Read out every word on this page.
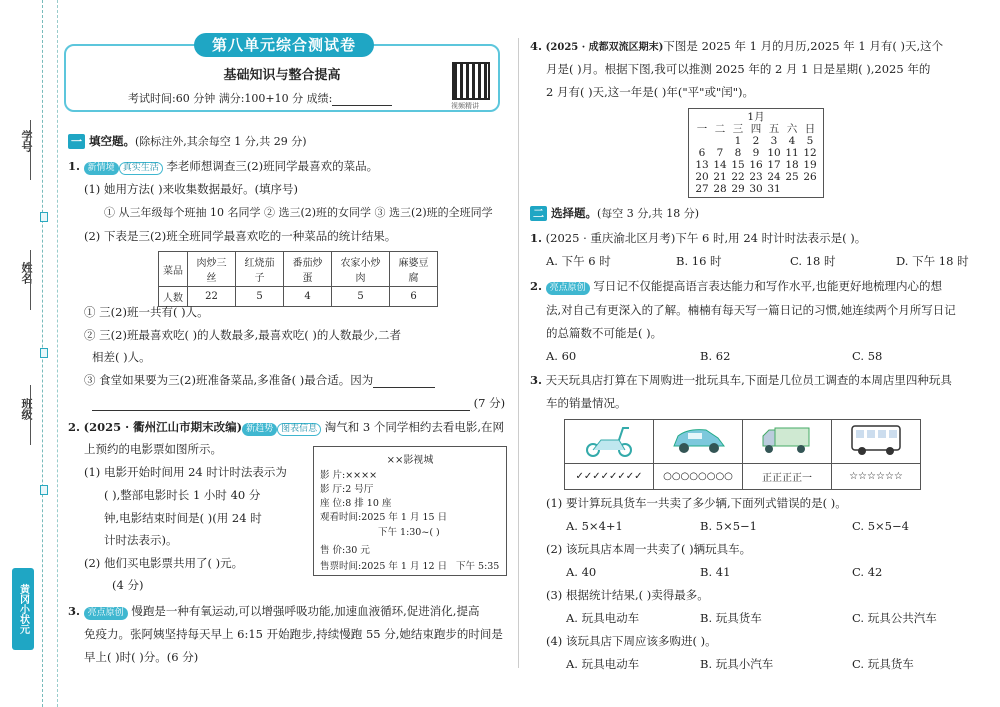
学号
姓名
班级
黄冈小状元
第八单元综合测试卷
基础知识与整合提高
考试时间:60 分钟 满分:100+10 分 成绩:
视频精讲
一 填空题。(除标注外,其余每空 1 分,共 29 分)
1. 新情境 真实生活 李老师想调查三(2)班同学最喜欢的菜品。
(1) 她用方法( )来收集数据最好。(填序号)
① 从三年级每个班抽 10 名同学 ② 选三(2)班的女同学 ③ 选三(2)班的全班同学
(2) 下表是三(2)班全班同学最喜欢吃的一种菜品的统计结果。
菜品	肉炒三丝	红烧茄子	番茄炒蛋	农家小炒肉	麻婆豆腐
人数	22	5	4	5	6
① 三(2)班一共有( )人。
② 三(2)班最喜欢吃( )的人数最多,最喜欢吃( )的人数最少,二者
相差( )人。
③ 食堂如果要为三(2)班准备菜品,多准备( )最合适。因为
(7 分)
2. (2025 · 衢州江山市期末改编) 新趋势 图表信息 淘气和 3 个同学相约去看电影,在网
上预约的电影票如图所示。
(1) 电影开始时间用 24 时计时法表示为
( ),整部电影时长 1 小时 40 分
钟,电影结束时间是( )(用 24 时
计时法表示)。
(2) 他们买电影票共用了( )元。
(4 分)
××影视城
影 片:××××
影 厅:2 号厅
座 位:8 排 10 座
观看时间:2025 年 1 月 15 日
下午 1:30~( )
售 价:30 元
售票时间:2025 年 1 月 12 日 下午 5:35
3. 亮点原创 慢跑是一种有氧运动,可以增强呼吸功能,加速血液循环,促进消化,提高
免疫力。张阿姨坚持每天早上 6:15 开始跑步,持续慢跑 55 分,她结束跑步的时间是
早上( )时( )分。(6 分)
4. (2025 · 成都双流区期末)下图是 2025 年 1 月的月历,2025 年 1 月有( )天,这个
月是( )月。根据下图,我可以推测 2025 年的 2 月 1 日是星期( ),2025 年的
2 月有( )天,这一年是( )年("平"或"闰")。
1月
一	二	三	四	五	六	日
		1	2	3	4	5
6	7	8	9	10	11	12
13	14	15	16	17	18	19
20	21	22	23	24	25	26
27	28	29	30	31		
二 选择题。(每空 3 分,共 18 分)
1. (2025 · 重庆渝北区月考)下午 6 时,用 24 时计时法表示是( )。
A. 下午 6 时	B. 16 时	C. 18 时	D. 下午 18 时
2. 亮点原创 写日记不仅能提高语言表达能力和写作水平,也能更好地梳理内心的想
法,对自己有更深入的了解。楠楠有每天写一篇日记的习惯,她连续两个月所写日记
的总篇数不可能是( )。
A. 60	B. 62	C. 58
3. 天天玩具店打算在下周购进一批玩具车,下面是几位员工调查的本周店里四种玩具
车的销量情况。

✓✓✓✓✓✓✓✓	○○○○○○○○	正正正正一	☆☆☆☆☆☆
(1) 要计算玩具货车一共卖了多少辆,下面列式错误的是( )。
A. 5×4+1	B. 5×5−1	C. 5×5−4
(2) 该玩具店本周一共卖了( )辆玩具车。
A. 40	B. 41	C. 42
(3) 根据统计结果,( )卖得最多。
A. 玩具电动车	B. 玩具货车	C. 玩具公共汽车
(4) 该玩具店下周应该多购进( )。
A. 玩具电动车	B. 玩具小汽车	C. 玩具货车
